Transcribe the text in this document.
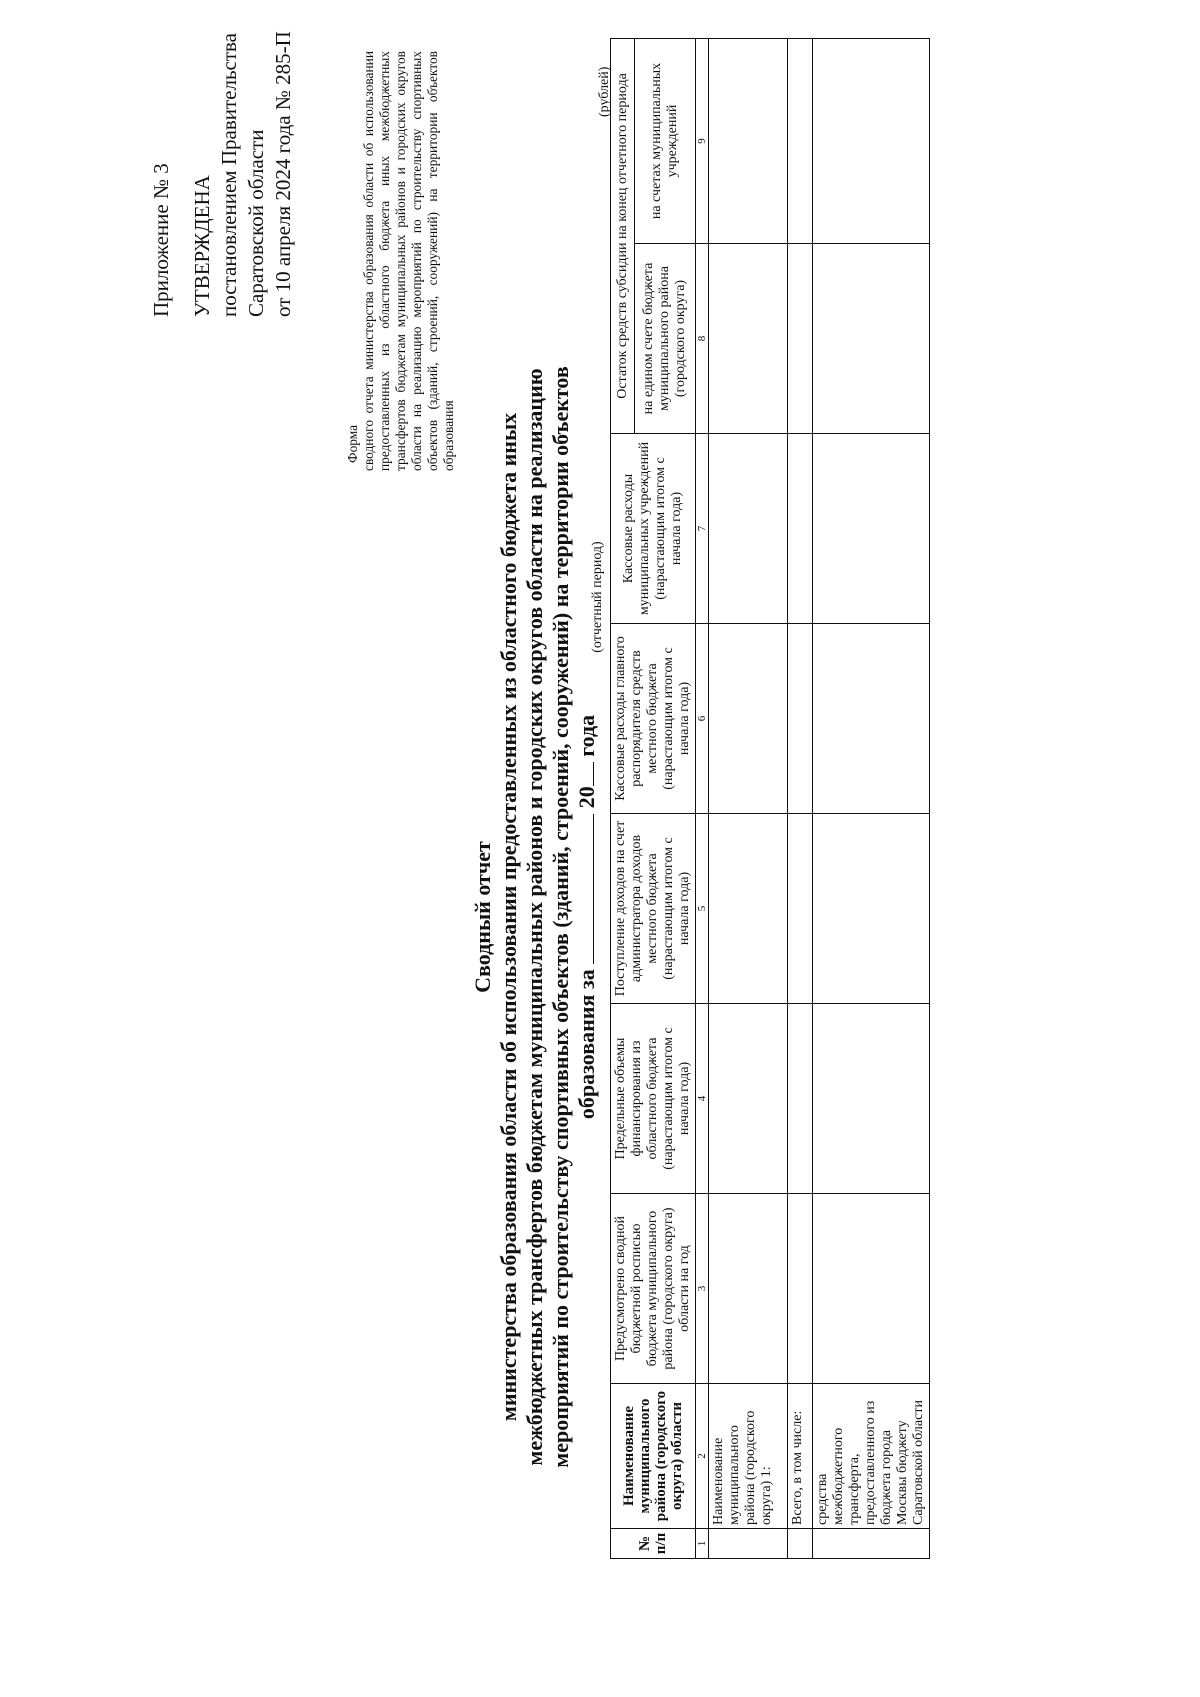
Приложение № 3 УТВЕРЖДЕНА постановлением Правительства Саратовской области от 10 апреля 2024 года № 285-П
Форма сводного отчета министерства образования области об использовании предоставленных из областного бюджета иных межбюджетных трансфертов бюджетам муниципальных районов и городских округов области на реализацию мероприятий по строительству спортивных объектов (зданий, строений, сооружений) на территории объектов образования
Сводный отчет министерства образования области об использовании предоставленных из областного бюджета иных межбюджетных трансфертов бюджетам муниципальных районов и городских округов области на реализацию мероприятий по строительству спортивных объектов (зданий, строений, сооружений) на территории объектов образования за  20 года
(отчетный период)
(рублей)
№ п/п	Наименование муниципального района (городского округа) области	Предусмотрено сводной бюджетной росписью бюджета муниципального района (городского округа) области на год	Предельные объемы финансирования из областного бюджета (нарастающим итогом с начала года)	Поступление доходов на счет администратора доходов местного бюджета (нарастающим итогом с начала года)	Кассовые расходы главного распорядителя средств местного бюджета (нарастающим итогом с начала года)	Кассовые расходы муниципальных учреждений (нарастающим итогом с начала года)	Остаток средств субсидии на конец отчетного периода	
							на едином счете бюджета муниципального района (городского округа)	на счетах муниципальных учреждений
1	2	3	4	5	6	7	8	9
	Наименование муниципального района (городского округа) 1:							
	Всего, в том числе:							
	средства межбюджетного трансферта, предоставленного из бюджета города Москвы бюджету Саратовской области							
